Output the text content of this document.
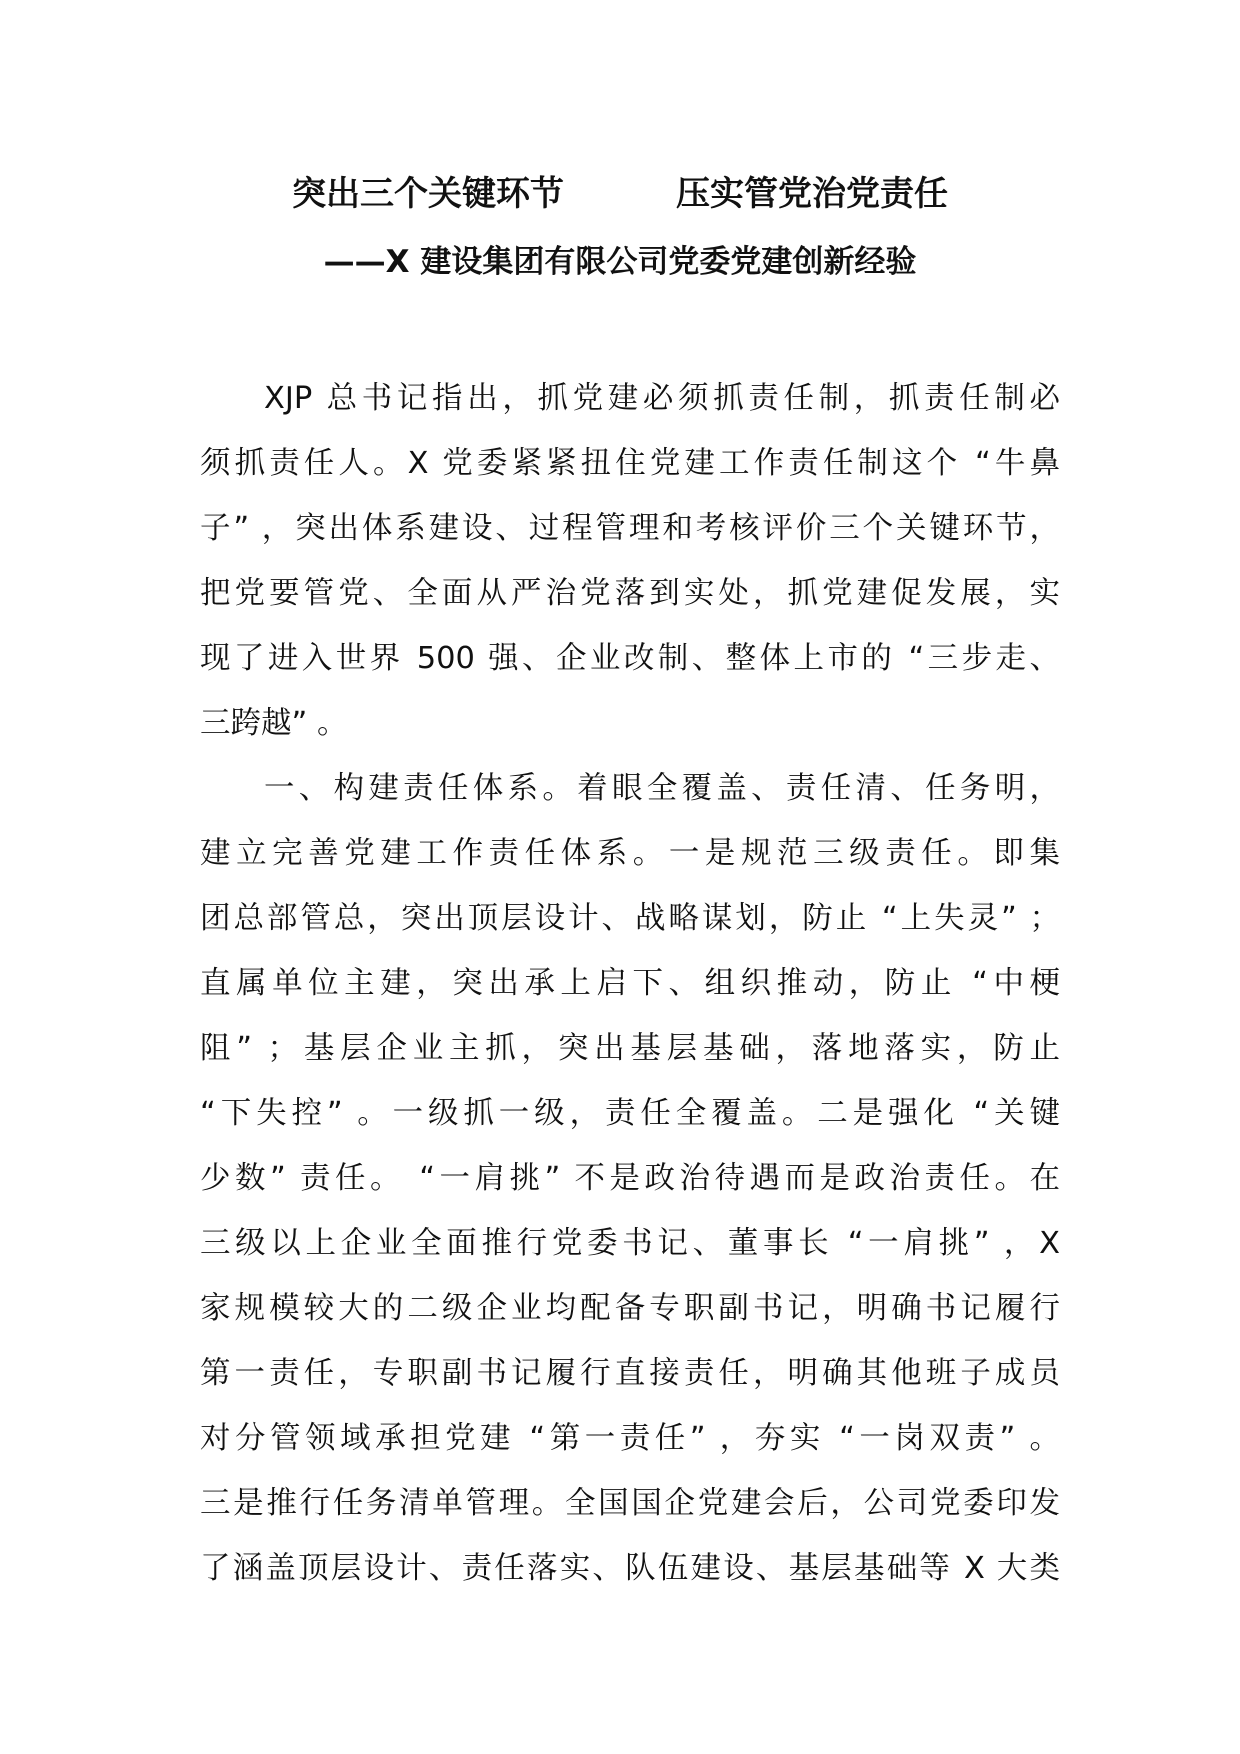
突出三个关键环节	压实管党治党责任
——X 建设集团有限公司党委党建创新经验
XJP 总书记指出，抓党建必须抓责任制，抓责任制必
须抓责任人。X 党委紧紧扭住党建工作责任制这个 “牛鼻
子” ，突出体系建设、过程管理和考核评价三个关键环节，
把党要管党、全面从严治党落到实处，抓党建促发展，实
现了进入世界 500 强、企业改制、整体上市的 “三步走、
三跨越” 。
一、构建责任体系。着眼全覆盖、责任清、任务明，
建立完善党建工作责任体系。一是规范三级责任。即集
团总部管总，突出顶层设计、战略谋划，防止 “上失灵” ；
直属单位主建，突出承上启下、组织推动，防止 “中梗
阻” ；基层企业主抓，突出基层基础，落地落实，防止
“下失控” 。一级抓一级，责任全覆盖。二是强化 “关键
少数” 责任。 “一肩挑” 不是政治待遇而是政治责任。在
三级以上企业全面推行党委书记、董事长 “一肩挑” ，X
家规模较大的二级企业均配备专职副书记，明确书记履行
第一责任，专职副书记履行直接责任，明确其他班子成员
对分管领域承担党建 “第一责任” ，夯实 “一岗双责” 。
三是推行任务清单管理。全国国企党建会后，公司党委印发
了涵盖顶层设计、责任落实、队伍建设、基层基础等 X 大类
